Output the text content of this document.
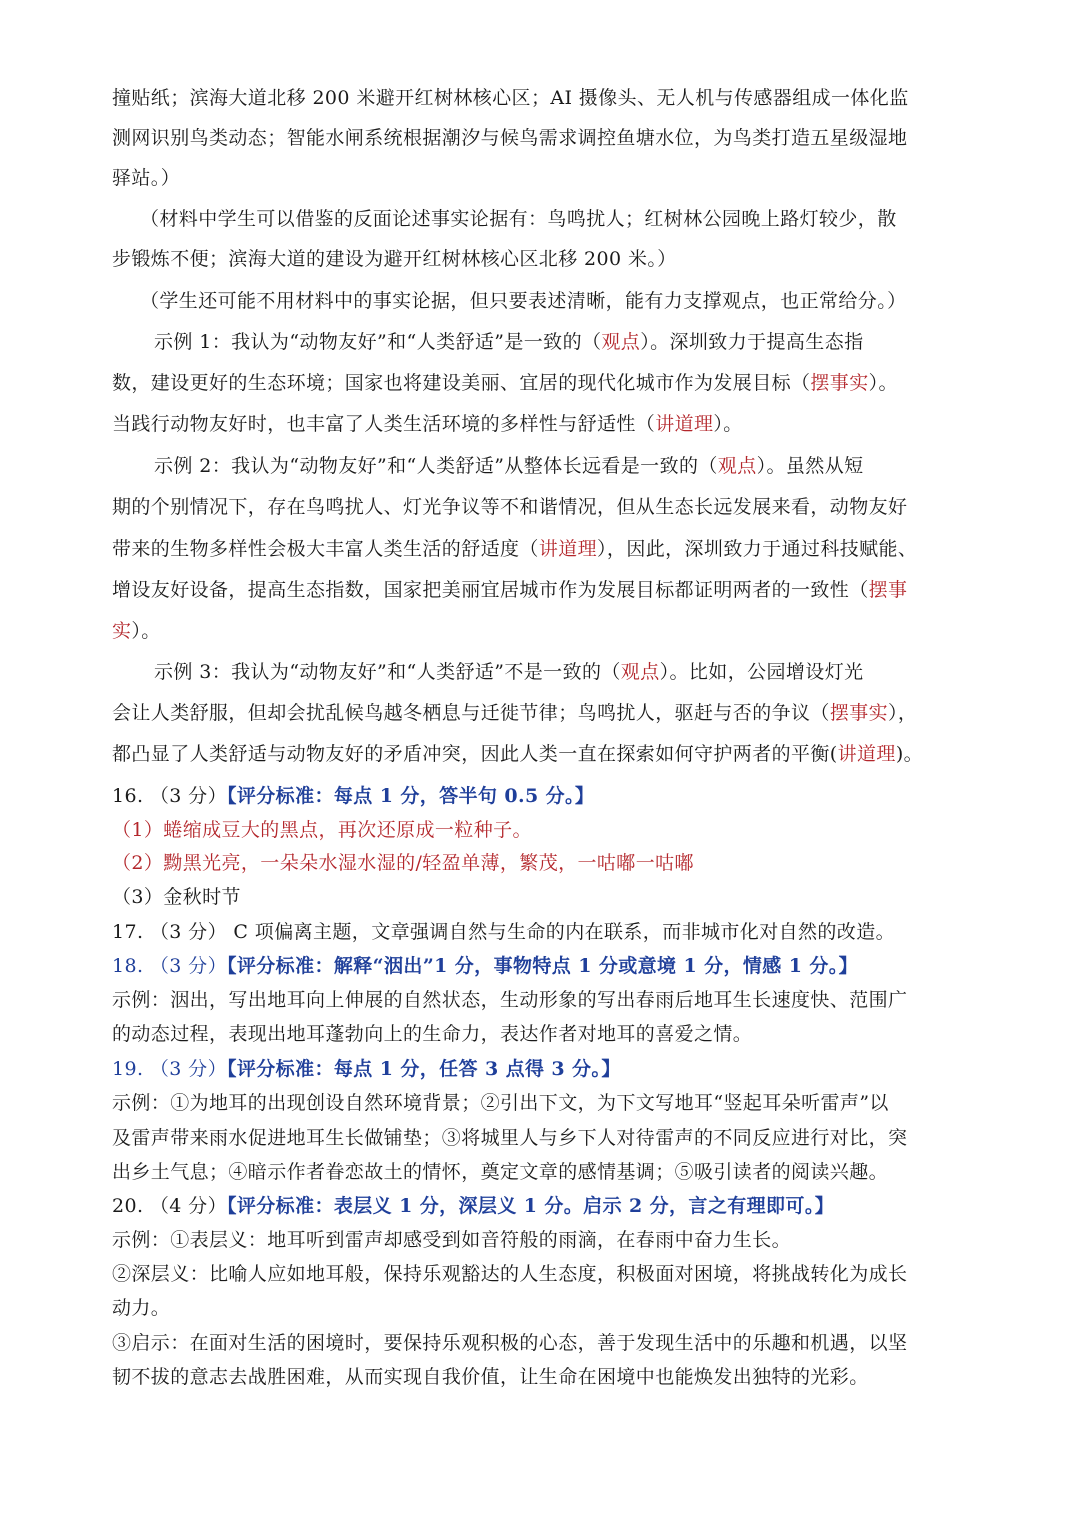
撞贴纸；滨海大道北移 200 米避开红树林核心区；AI 摄像头、无人机与传感器组成一体化监
测网识别鸟类动态；智能水闸系统根据潮汐与候鸟需求调控鱼塘水位，为鸟类打造五星级湿地
驿站。）
（材料中学生可以借鉴的反面论述事实论据有：鸟鸣扰人；红树林公园晚上路灯较少，散
步锻炼不便；滨海大道的建设为避开红树林核心区北移 200 米。）
（学生还可能不用材料中的事实论据，但只要表述清晰，能有力支撑观点，也正常给分。）
示例 1：我认为“动物友好”和“人类舒适”是一致的（观点）。深圳致力于提高生态指
数，建设更好的生态环境；国家也将建设美丽、宜居的现代化城市作为发展目标（摆事实）。
当践行动物友好时，也丰富了人类生活环境的多样性与舒适性（讲道理）。
示例 2：我认为“动物友好”和“人类舒适”从整体长远看是一致的（观点）。虽然从短
期的个别情况下，存在鸟鸣扰人、灯光争议等不和谐情况，但从生态长远发展来看，动物友好
带来的生物多样性会极大丰富人类生活的舒适度（讲道理），因此，深圳致力于通过科技赋能、
增设友好设备，提高生态指数，国家把美丽宜居城市作为发展目标都证明两者的一致性（摆事
实）。
示例 3：我认为“动物友好”和“人类舒适”不是一致的（观点）。比如，公园增设灯光
会让人类舒服，但却会扰乱候鸟越冬栖息与迁徙节律；鸟鸣扰人，驱赶与否的争议（摆事实），
都凸显了人类舒适与动物友好的矛盾冲突，因此人类一直在探索如何守护两者的平衡(讲道理)。
16. （3 分）【评分标准：每点 1 分，答半句 0.5 分。】
（1）蜷缩成豆大的黑点，再次还原成一粒种子。
（2）黝黑光亮，一朵朵水湿水湿的/轻盈单薄，繁茂，一咕嘟一咕嘟
（3）金秋时节
17. （3 分） C 项偏离主题，文章强调自然与生命的内在联系，而非城市化对自然的改造。
18. （3 分）【评分标准：解释“洇出”1 分，事物特点 1 分或意境 1 分，情感 1 分。】
示例：洇出，写出地耳向上伸展的自然状态，生动形象的写出春雨后地耳生长速度快、范围广
的动态过程，表现出地耳蓬勃向上的生命力，表达作者对地耳的喜爱之情。
19. （3 分）【评分标准：每点 1 分，任答 3 点得 3 分。】
示例：①为地耳的出现创设自然环境背景；②引出下文，为下文写地耳“竖起耳朵听雷声”以
及雷声带来雨水促进地耳生长做铺垫；③将城里人与乡下人对待雷声的不同反应进行对比，突
出乡土气息；④暗示作者眷恋故土的情怀，奠定文章的感情基调；⑤吸引读者的阅读兴趣。
20. （4 分）【评分标准：表层义 1 分，深层义 1 分。启示 2 分，言之有理即可。】
示例：①表层义：地耳听到雷声却感受到如音符般的雨滴，在春雨中奋力生长。
②深层义：比喻人应如地耳般，保持乐观豁达的人生态度，积极面对困境，将挑战转化为成长
动力。
③启示：在面对生活的困境时，要保持乐观积极的心态，善于发现生活中的乐趣和机遇，以坚
韧不拔的意志去战胜困难，从而实现自我价值，让生命在困境中也能焕发出独特的光彩。
